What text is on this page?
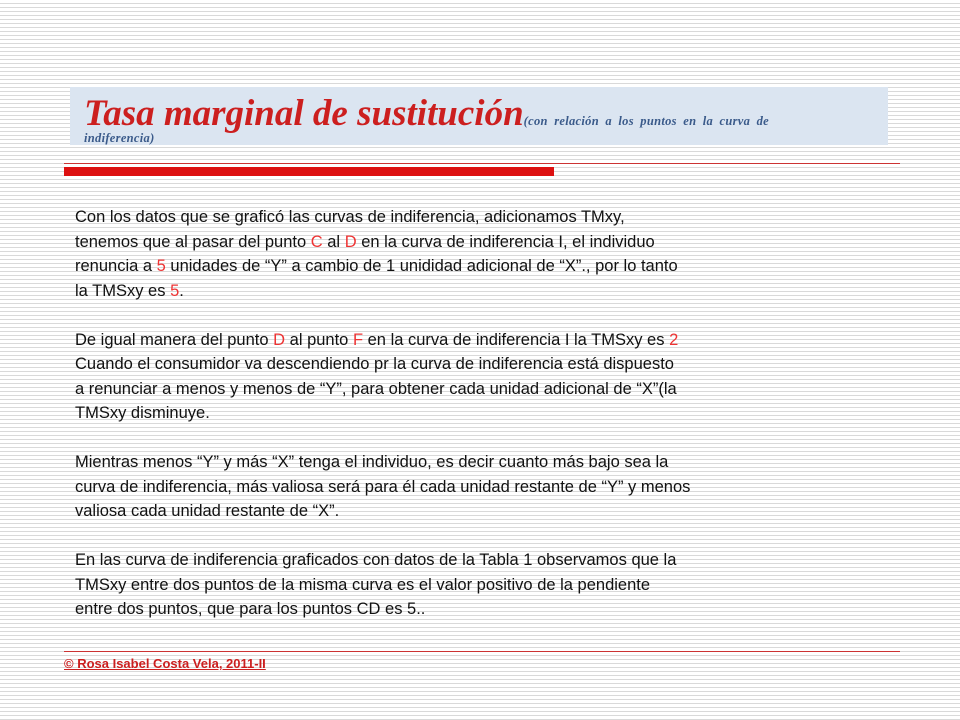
Tasa marginal de sustitución(con relación a los puntos en la curva de
indiferencia)

Con los datos que se graficó las curvas de indiferencia, adicionamos TMxy,

tenemos que al pasar del punto C al D en la curva de indiferencia I, el individuo

renuncia a 5 unidades de “Y” a cambio de 1 unididad adicional de “X”., por lo tanto

la TMSxy es 5.

De igual manera del punto D al punto F en la curva de indiferencia I la TMSxy es 2

Cuando el consumidor va descendiendo pr la curva de indiferencia está dispuesto

a renunciar a menos y menos de “Y”, para obtener cada unidad adicional de “X”(la

TMSxy disminuye.

Mientras menos “Y” y más “X” tenga el individuo, es decir cuanto más bajo sea la

curva de indiferencia, más valiosa será para él cada unidad restante de “Y” y menos

valiosa cada unidad restante de “X”.

En las curva de indiferencia graficados con datos de la Tabla 1 observamos que la

TMSxy entre dos puntos de la misma curva es el valor positivo de la pendiente

entre dos puntos, que para los puntos CD es 5..

© Rosa Isabel Costa Vela, 2011-II
